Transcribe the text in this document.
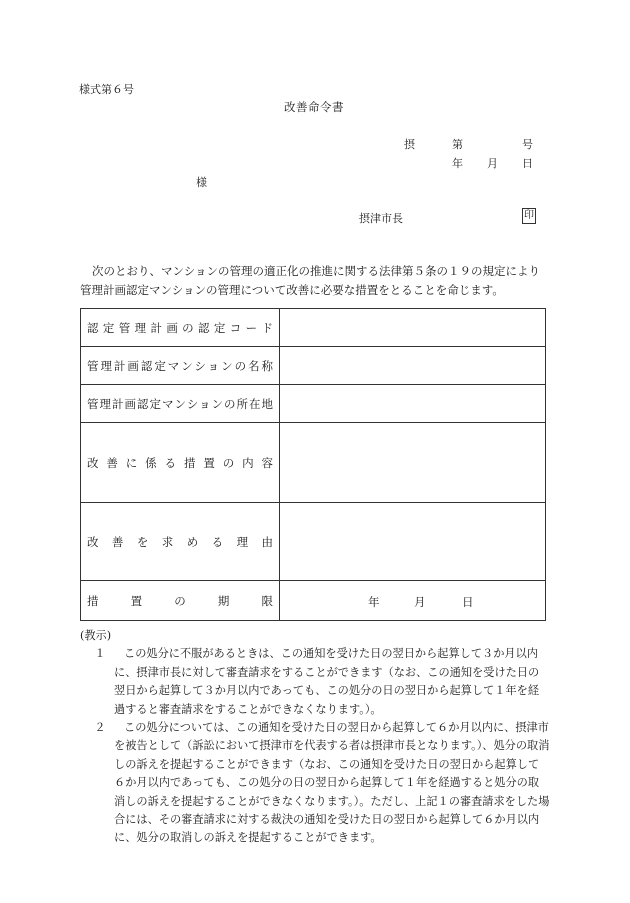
様式第６号
改善命令書
摂	第	号
年 月 日
様
摂津市長	印

次のとおり、マンションの管理の適正化の推進に関する法律第５条の１９の規定により

管理計画認定マンションの管理について改善に必要な措置をとることを命じます。

認定管理計画の認定コード	
管理計画認定マンションの名称	
管理計画認定マンションの所在地	
改善に係る措置の内容	
改善を求める理由	
措置の期限	年 月 日

(教示)

１	この処分に不服があるときは、この通知を受けた日の翌日から起算して３か月以内に、摂津市長に対して審査請求をすることができます（なお、この通知を受けた日の翌日から起算して３か月以内であっても、この処分の日の翌日から起算して１年を経過すると審査請求をすることができなくなります。）。
２	この処分については、この通知を受けた日の翌日から起算して６か月以内に、摂津市を被告として（訴訟において摂津市を代表する者は摂津市長となります。）、処分の取消しの訴えを提起することができます（なお、この通知を受けた日の翌日から起算して６か月以内であっても、この処分の日の翌日から起算して１年を経過すると処分の取消しの訴えを提起することができなくなります。）。ただし、上記１の審査請求をした場合には、その審査請求に対する裁決の通知を受けた日の翌日から起算して６か月以内に、処分の取消しの訴えを提起することができます。
